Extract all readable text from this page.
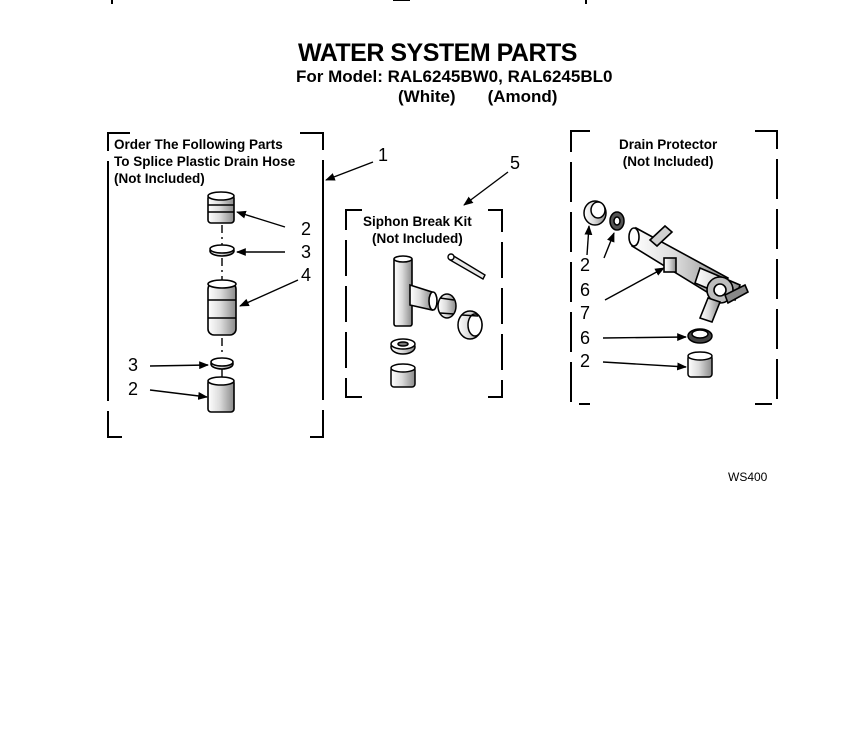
WATER SYSTEM PARTS
For Model: RAL6245BW0, RAL6245BL0
(White) (Amond)
Order The Following Parts
To Splice Plastic Drain Hose
(Not Included)
Siphon Break Kit
(Not Included)
Drain Protector
(Not Included)
1	5
2
3
4
3
2
2
6
7
6
2
WS400
